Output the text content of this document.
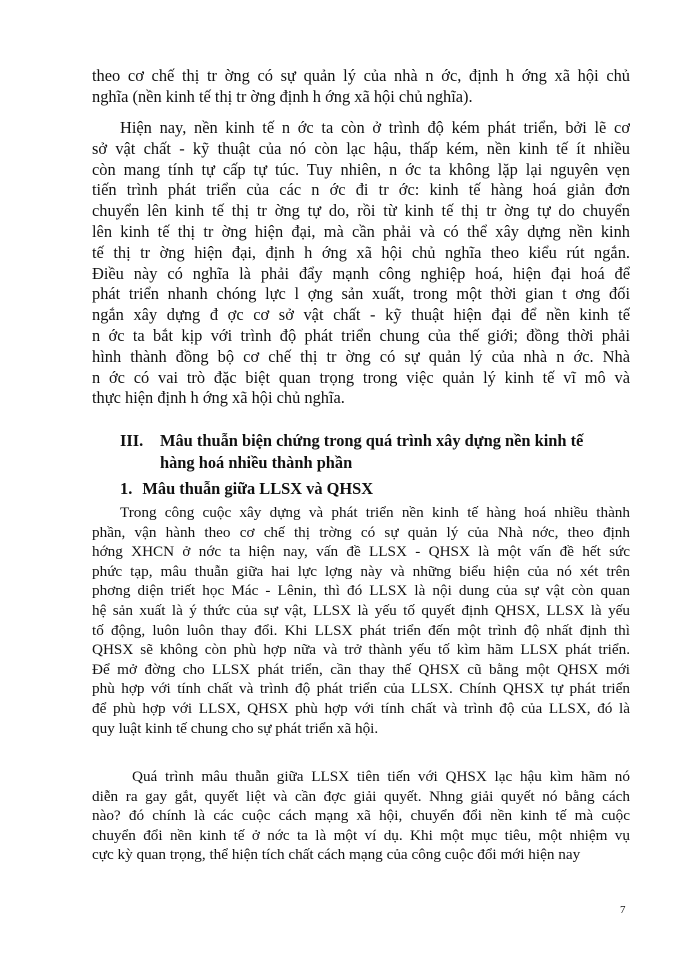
theo cơ chế thị tr ờng có sự quản lý của nhà n ớc, định h ớng xã hội chủ
nghĩa (nền kinh tế thị tr ờng định h ớng xã hội chủ nghĩa).
Hiện nay, nền kinh tế n ớc ta còn ở trình độ kém phát triển, bởi lẽ cơ
sở vật chất - kỹ thuật của nó còn lạc hậu, thấp kém, nền kinh tế ít nhiều
còn mang tính tự cấp tự túc. Tuy nhiên, n ớc ta không lặp lại nguyên vẹn
tiến trình phát triển của các n ớc đi tr ớc: kinh tế hàng hoá giản đơn
chuyển lên kinh tế thị tr ờng tự do, rồi từ kinh tế thị tr ờng tự do chuyển
lên kinh tế thị tr ờng hiện đại, mà cần phải và có thể xây dựng nền kinh
tế thị tr ờng hiện đại, định h ớng xã hội chủ nghĩa theo kiểu rút ngắn.
Điều này có nghĩa là phải đẩy mạnh công nghiệp hoá, hiện đại hoá để
phát triển nhanh chóng lực l ợng sản xuất, trong một thời gian t ơng đối
ngắn xây dựng đ ợc cơ sở vật chất - kỹ thuật hiện đại để nền kinh tế
n ớc ta bắt kịp với trình độ phát triển chung của thế giới; đồng thời phải
hình thành đồng bộ cơ chế thị tr ờng có sự quản lý của nhà n ớc. Nhà
n ớc có vai trò đặc biệt quan trọng trong việc quản lý kinh tế vĩ mô và
thực hiện định h ớng xã hội chủ nghĩa.
III. Mâu thuẫn biện chứng trong quá trình xây dựng nền kinh tế
hàng hoá nhiều thành phần
1. Mâu thuẫn giữa LLSX và QHSX
Trong công cuộc xây dựng và phát triển nền kinh tế hàng hoá nhiều thành
phần, vận hành theo cơ chế thị trờng có sự quản lý của Nhà nớc, theo định
hớng XHCN ở nớc ta hiện nay, vấn đề LLSX - QHSX là một vấn đề hết sức
phức tạp, mâu thuẫn giữa hai lực lợng này và những biểu hiện của nó xét trên
phơng diện triết học Mác - Lênin, thì đó LLSX là nội dung của sự vật còn quan
hệ sản xuất là ý thức của sự vật, LLSX là yếu tố quyết định QHSX, LLSX là yếu
tố động, luôn luôn thay đổi. Khi LLSX phát triển đến một trình độ nhất định thì
QHSX sẽ không còn phù hợp nữa và trở thành yếu tố kìm hãm LLSX phát triển.
Để mở đờng cho LLSX phát triển, cần thay thế QHSX cũ bằng một QHSX mới
phù hợp với tính chất và trình độ phát triển của LLSX. Chính QHSX tự phát triển
để phù hợp với LLSX, QHSX phù hợp với tính chất và trình độ của LLSX, đó là
quy luật kinh tế chung cho sự phát triển xã hội.
Quá trình mâu thuẫn giữa LLSX tiên tiến với QHSX lạc hậu kìm hãm nó
diễn ra gay gắt, quyết liệt và cần đợc giải quyết. Nhng giải quyết nó bằng cách
nào? đó chính là các cuộc cách mạng xã hội, chuyển đổi nền kinh tế mà cuộc
chuyển đổi nền kinh tế ở nớc ta là một ví dụ. Khi một mục tiêu, một nhiệm vụ
cực kỳ quan trọng, thể hiện tích chất cách mạng của công cuộc đổi mới hiện nay
7
